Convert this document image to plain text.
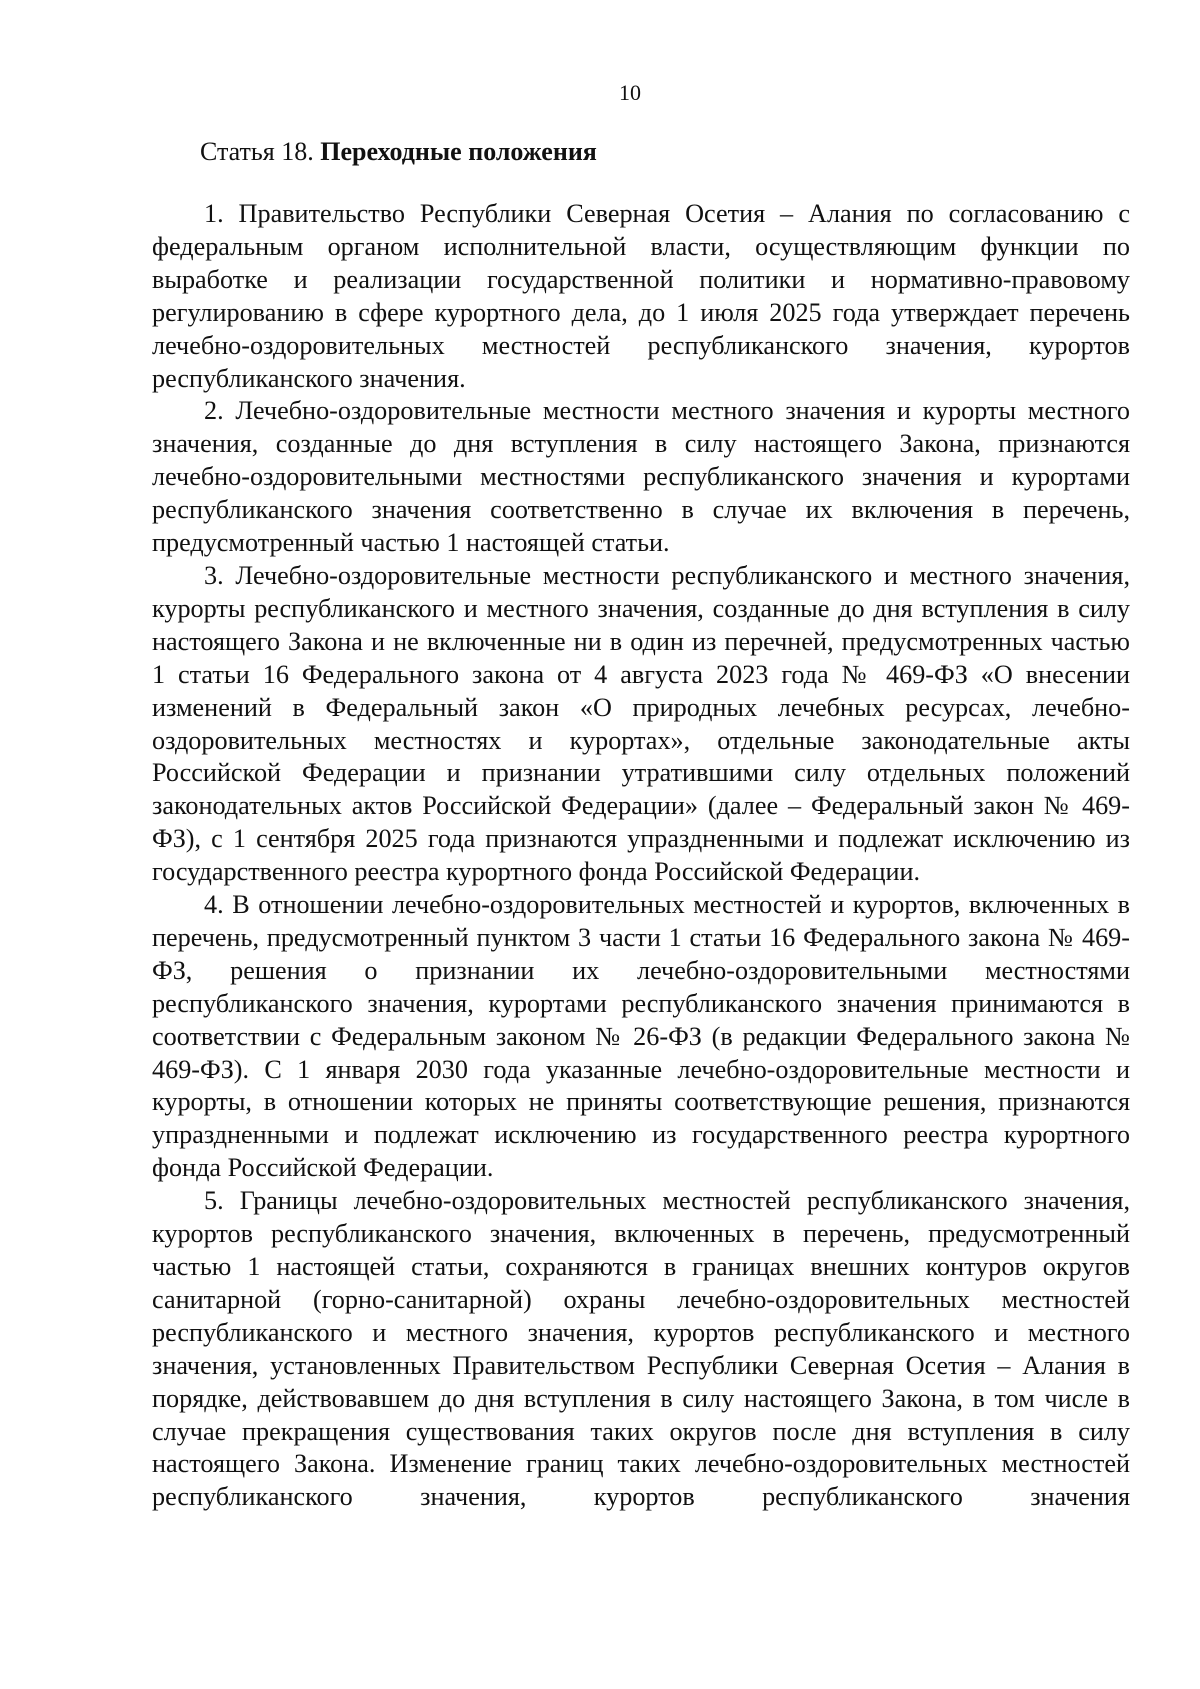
10
Статья 18. Переходные положения

1. Правительство Республики Северная Осетия – Алания по согласованию с федеральным органом исполнительной власти, осуществляющим функции по выработке и реализации государственной политики и нормативно-правовому регулированию в сфере курортного дела, до 1 июля 2025 года утверждает перечень лечебно-оздоровительных местностей республиканского значения, курортов республиканского значения.

2. Лечебно-оздоровительные местности местного значения и курорты местного значения, созданные до дня вступления в силу настоящего Закона, признаются лечебно-оздоровительными местностями республиканского значения и курортами республиканского значения соответственно в случае их включения в перечень, предусмотренный частью 1 настоящей статьи.

3. Лечебно-оздоровительные местности республиканского и местного значения, курорты республиканского и местного значения, созданные до дня вступления в силу настоящего Закона и не включенные ни в один из перечней, предусмотренных частью 1 статьи 16 Федерального закона от 4 августа 2023 года № 469-ФЗ «О внесении изменений в Федеральный закон «О природных лечебных ресурсах, лечебно-оздоровительных местностях и курортах», отдельные законодательные акты Российской Федерации и признании утратившими силу отдельных положений законодательных актов Российской Федерации» (далее – Федеральный закон № 469-ФЗ), с 1 сентября 2025 года признаются упраздненными и подлежат исключению из государственного реестра курортного фонда Российской Федерации.

4. В отношении лечебно-оздоровительных местностей и курортов, включенных в перечень, предусмотренный пунктом 3 части 1 статьи 16 Федерального закона № 469-ФЗ, решения о признании их лечебно-оздоровительными местностями республиканского значения, курортами республиканского значения принимаются в соответствии с Федеральным законом № 26-ФЗ (в редакции Федерального закона № 469-ФЗ). С 1 января 2030 года указанные лечебно-оздоровительные местности и курорты, в отношении которых не приняты соответствующие решения, признаются упраздненными и подлежат исключению из государственного реестра курортного фонда Российской Федерации.

5. Границы лечебно-оздоровительных местностей республиканского значения, курортов республиканского значения, включенных в перечень, предусмотренный частью 1 настоящей статьи, сохраняются в границах внешних контуров округов санитарной (горно-санитарной) охраны лечебно-оздоровительных местностей республиканского и местного значения, курортов республиканского и местного значения, установленных Правительством Республики Северная Осетия – Алания в порядке, действовавшем до дня вступления в силу настоящего Закона, в том числе в случае прекращения существования таких округов после дня вступления в силу настоящего Закона. Изменение границ таких лечебно-оздоровительных местностей республиканского значения, курортов республиканского значения
